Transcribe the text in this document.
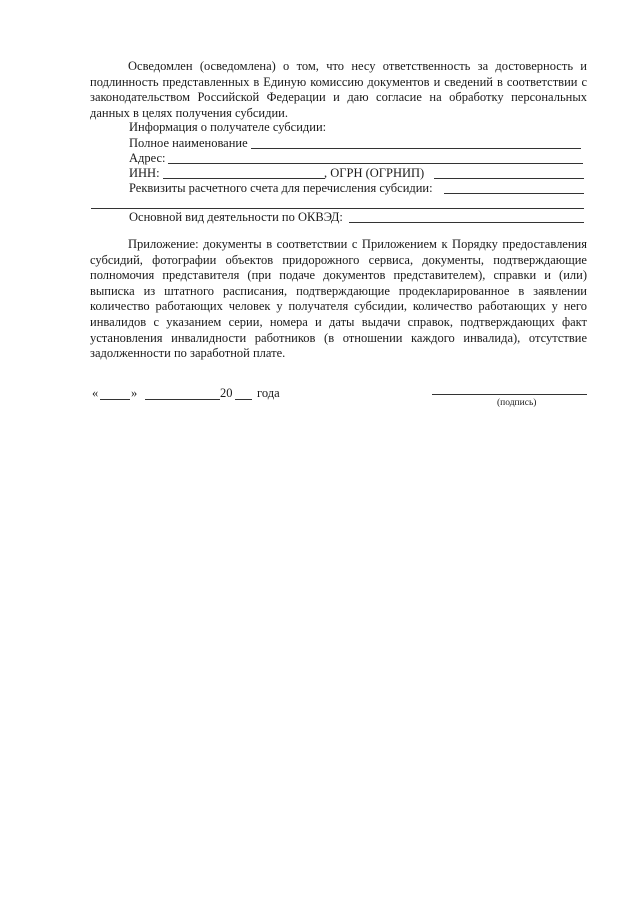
Осведомлен (осведомлена) о том, что несу ответственность за достоверность и подлинность представленных в Единую комиссию документов и сведений в соответствии с законодательством Российской Федерации и даю согласие на обработку персональных данных в целях получения субсидии.

Информация о получателе субсидии:
Полное наименование
Адрес:
ИНН:	, ОГРН (ОГРНИП)
Реквизиты расчетного счета для перечисления субсидии:
Основной вид деятельности по ОКВЭД:

Приложение: документы в соответствии с Приложением к Порядку предоставления субсидий, фотографии объектов придорожного сервиса, документы, подтверждающие полномочия представителя (при подаче документов представителем), справки и (или) выписка из штатного расписания, подтверждающие продекларированное в заявлении количество работающих человек у получателя субсидии, количество работающих у него инвалидов с указанием серии, номера и даты выдачи справок, подтверждающих факт установления инвалидности работников (в отношении каждого инвалида), отсутствие задолженности по заработной плате.

«	»	20 года
(подпись)
